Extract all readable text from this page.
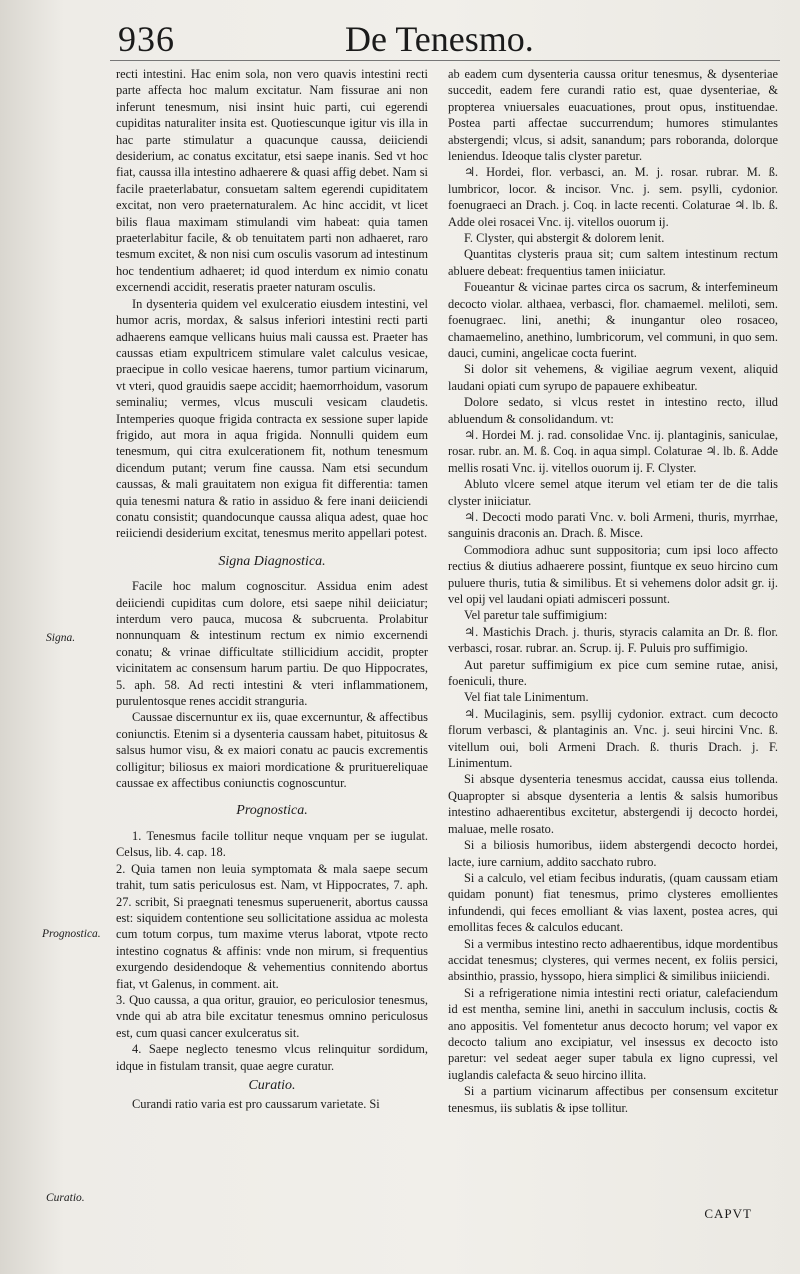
936	De Tenesmo.
Signa.
Prognostica.
Curatio.

recti intestini. Hac enim sola, non vero quavis intestini recti parte affecta hoc malum excitatur. Nam fissurae ani non inferunt tenesmum, nisi insint huic parti, cui egerendi cupiditas naturaliter insita est. Quotiescunque igitur vis illa in hac parte stimulatur a quacunque caussa, deiiciendi desiderium, ac conatus excitatur, etsi saepe inanis. Sed vt hoc fiat, caussa illa intestino adhaerere & quasi affig debet. Nam si facile praeterlabatur, consuetam saltem egerendi cupiditatem excitat, non vero praeternaturalem. Ac hinc accidit, vt licet bilis flaua maximam stimulandi vim habeat: quia tamen praeterlabitur facile, & ob tenuitatem parti non adhaeret, raro tesmum excitet, & non nisi cum osculis vasorum ad intestinum hoc tendentium adhaeret; id quod interdum ex nimio conatu excernendi accidit, reseratis praeter naturam osculis.

In dysenteria quidem vel exulceratio eiusdem intestini, vel humor acris, mordax, & salsus inferiori intestini recti parti adhaerens eamque vellicans huius mali caussa est. Praeter has caussas etiam expultricem stimulare valet calculus vesicae, praecipue in collo vesicae haerens, tumor partium vicinarum, vt vteri, quod grauidis saepe accidit; haemorrhoidum, vasorum seminaliu; vermes, vlcus musculi vesicam claudetis. Intemperies quoque frigida contracta ex sessione super lapide frigido, aut mora in aqua frigida. Nonnulli quidem eum tenesmum, qui citra exulcerationem fit, nothum tenesmum dicendum putant; verum fine caussa. Nam etsi secundum caussas, & mali grauitatem non exigua fit differentia: tamen quia tenesmi natura & ratio in assiduo & fere inani deiiciendi conatu consistit; quandocunque caussa aliqua adest, quae hoc reiiciendi desiderium excitat, tenesmus merito appellari potest.

Signa Diagnostica.

Facile hoc malum cognoscitur. Assidua enim adest deiiciendi cupiditas cum dolore, etsi saepe nihil deiiciatur; interdum vero pauca, mucosa & subcruenta. Prolabitur nonnunquam & intestinum rectum ex nimio excernendi conatu; & vrinae difficultate stillicidium accidit, propter vicinitatem ac consensum harum partiu. De quo Hippocrates, 5. aph. 58. Ad recti intestini & vteri inflammationem, purulentosque renes accidit stranguria.

Caussae discernuntur ex iis, quae excernuntur, & affectibus coniunctis. Etenim si a dysenteria caussam habet, pituitosus & salsus humor visu, & ex maiori conatu ac paucis excrementis colligitur; biliosus ex maiori mordicatione & prurituereliquae caussae ex affectibus coniunctis cognoscuntur.

Prognostica.

1. Tenesmus facile tollitur neque vnquam per se iugulat. Celsus, lib. 4. cap. 18.

2. Quia tamen non leuia symptomata & mala saepe secum trahit, tum satis periculosus est. Nam, vt Hippocrates, 7. aph. 27. scribit, Si praegnati tenesmus superuenerit, abortus caussa est: siquidem contentione seu sollicitatione assidua ac molesta cum totum corpus, tum maxime vterus laborat, vtpote recto intestino cognatus & affinis: vnde non mirum, si frequentius exurgendo desidendoque & vehementius connitendo abortus fiat, vt Galenus, in comment. ait.

3. Quo caussa, a qua oritur, grauior, eo periculosior tenesmus, vnde qui ab atra bile excitatur tenesmus omnino periculosus est, cum quasi cancer exulceratus sit.

4. Saepe neglecto tenesmo vlcus relinquitur sordidum, idque in fistulam transit, quae aegre curatur.

Curatio.

Curandi ratio varia est pro caussarum varietate. Si

ab eadem cum dysenteria caussa oritur tenesmus, & dysenteriae succedit, eadem fere curandi ratio est, quae dysenteriae, & propterea vniuersales euacuationes, prout opus, instituendae. Postea parti affectae succurrendum; humores stimulantes abstergendi; vlcus, si adsit, sanandum; pars roboranda, dolorque leniendus. Ideoque talis clyster paretur.

♃. Hordei, flor. verbasci, an. M. j. rosar. rubrar. M. ß. lumbricor, locor. & incisor. Vnc. j. sem. psylli, cydonior. foenugraeci an Drach. j. Coq. in lacte recenti. Colaturae ♃. lb. ß. Adde olei rosacei Vnc. ij. vitellos ouorum ij.

F. Clyster, qui abstergit & dolorem lenit.

Quantitas clysteris praua sit; cum saltem intestinum rectum abluere debeat: frequentius tamen iniiciatur.

Foueantur & vicinae partes circa os sacrum, & interfemineum decocto violar. althaea, verbasci, flor. chamaemel. meliloti, sem. foenugraec. lini, anethi; & inungantur oleo rosaceo, chamaemelino, anethino, lumbricorum, vel communi, in quo sem. dauci, cumini, angelicae cocta fuerint.

Si dolor sit vehemens, & vigiliae aegrum vexent, aliquid laudani opiati cum syrupo de papauere exhibeatur.

Dolore sedato, si vlcus restet in intestino recto, illud abluendum & consolidandum. vt:

♃. Hordei M. j. rad. consolidae Vnc. ij. plantaginis, saniculae, rosar. rubr. an. M. ß. Coq. in aqua simpl. Colaturae ♃. lb. ß. Adde mellis rosati Vnc. ij. vitellos ouorum ij. F. Clyster.

Abluto vlcere semel atque iterum vel etiam ter de die talis clyster iniiciatur.

♃. Decocti modo parati Vnc. v. boli Armeni, thuris, myrrhae, sanguinis draconis an. Drach. ß. Misce.

Commodiora adhuc sunt suppositoria; cum ipsi loco affecto rectius & diutius adhaerere possint, fiuntque ex seuo hircino cum puluere thuris, tutia & similibus. Et si vehemens dolor adsit gr. ij. vel opij vel laudani opiati admisceri possunt.

Vel paretur tale suffimigium:

♃. Mastichis Drach. j. thuris, styracis calamita an Dr. ß. flor. verbasci, rosar. rubrar. an. Scrup. ij. F. Puluis pro suffimigio.

Aut paretur suffimigium ex pice cum semine rutae, anisi, foeniculi, thure.

Vel fiat tale Linimentum.

♃. Mucilaginis, sem. psyllij cydonior. extract. cum decocto florum verbasci, & plantaginis an. Vnc. j. seui hircini Vnc. ß. vitellum oui, boli Armeni Drach. ß. thuris Drach. j. F. Linimentum.

Si absque dysenteria tenesmus accidat, caussa eius tollenda. Quapropter si absque dysenteria a lentis & salsis humoribus intestino adhaerentibus excitetur, abstergendi ij decocto hordei, maluae, melle rosato.

Si a biliosis humoribus, iidem abstergendi decocto hordei, lacte, iure carnium, addito sacchato rubro.

Si a calculo, vel etiam fecibus induratis, (quam caussam etiam quidam ponunt) fiat tenesmus, primo clysteres emollientes infundendi, qui feces emolliant & vias laxent, postea acres, qui emollitas feces & calculos educant.

Si a vermibus intestino recto adhaerentibus, idque mordentibus accidat tenesmus; clysteres, qui vermes necent, ex foliis persici, absinthio, prassio, hyssopo, hiera simplici & similibus iniiciendi.

Si a refrigeratione nimia intestini recti oriatur, calefaciendum id est mentha, semine lini, anethi in sacculum inclusis, coctis & ano appositis. Vel fomentetur anus decocto horum; vel vapor ex decocto talium ano excipiatur, vel insessus ex decocto isto paretur: vel sedeat aeger super tabula ex ligno cupressi, vel iuglandis calefacta & seuo hircino illita.

Si a partium vicinarum affectibus per consensum excitetur tenesmus, iis sublatis & ipse tollitur.

CAPVT
